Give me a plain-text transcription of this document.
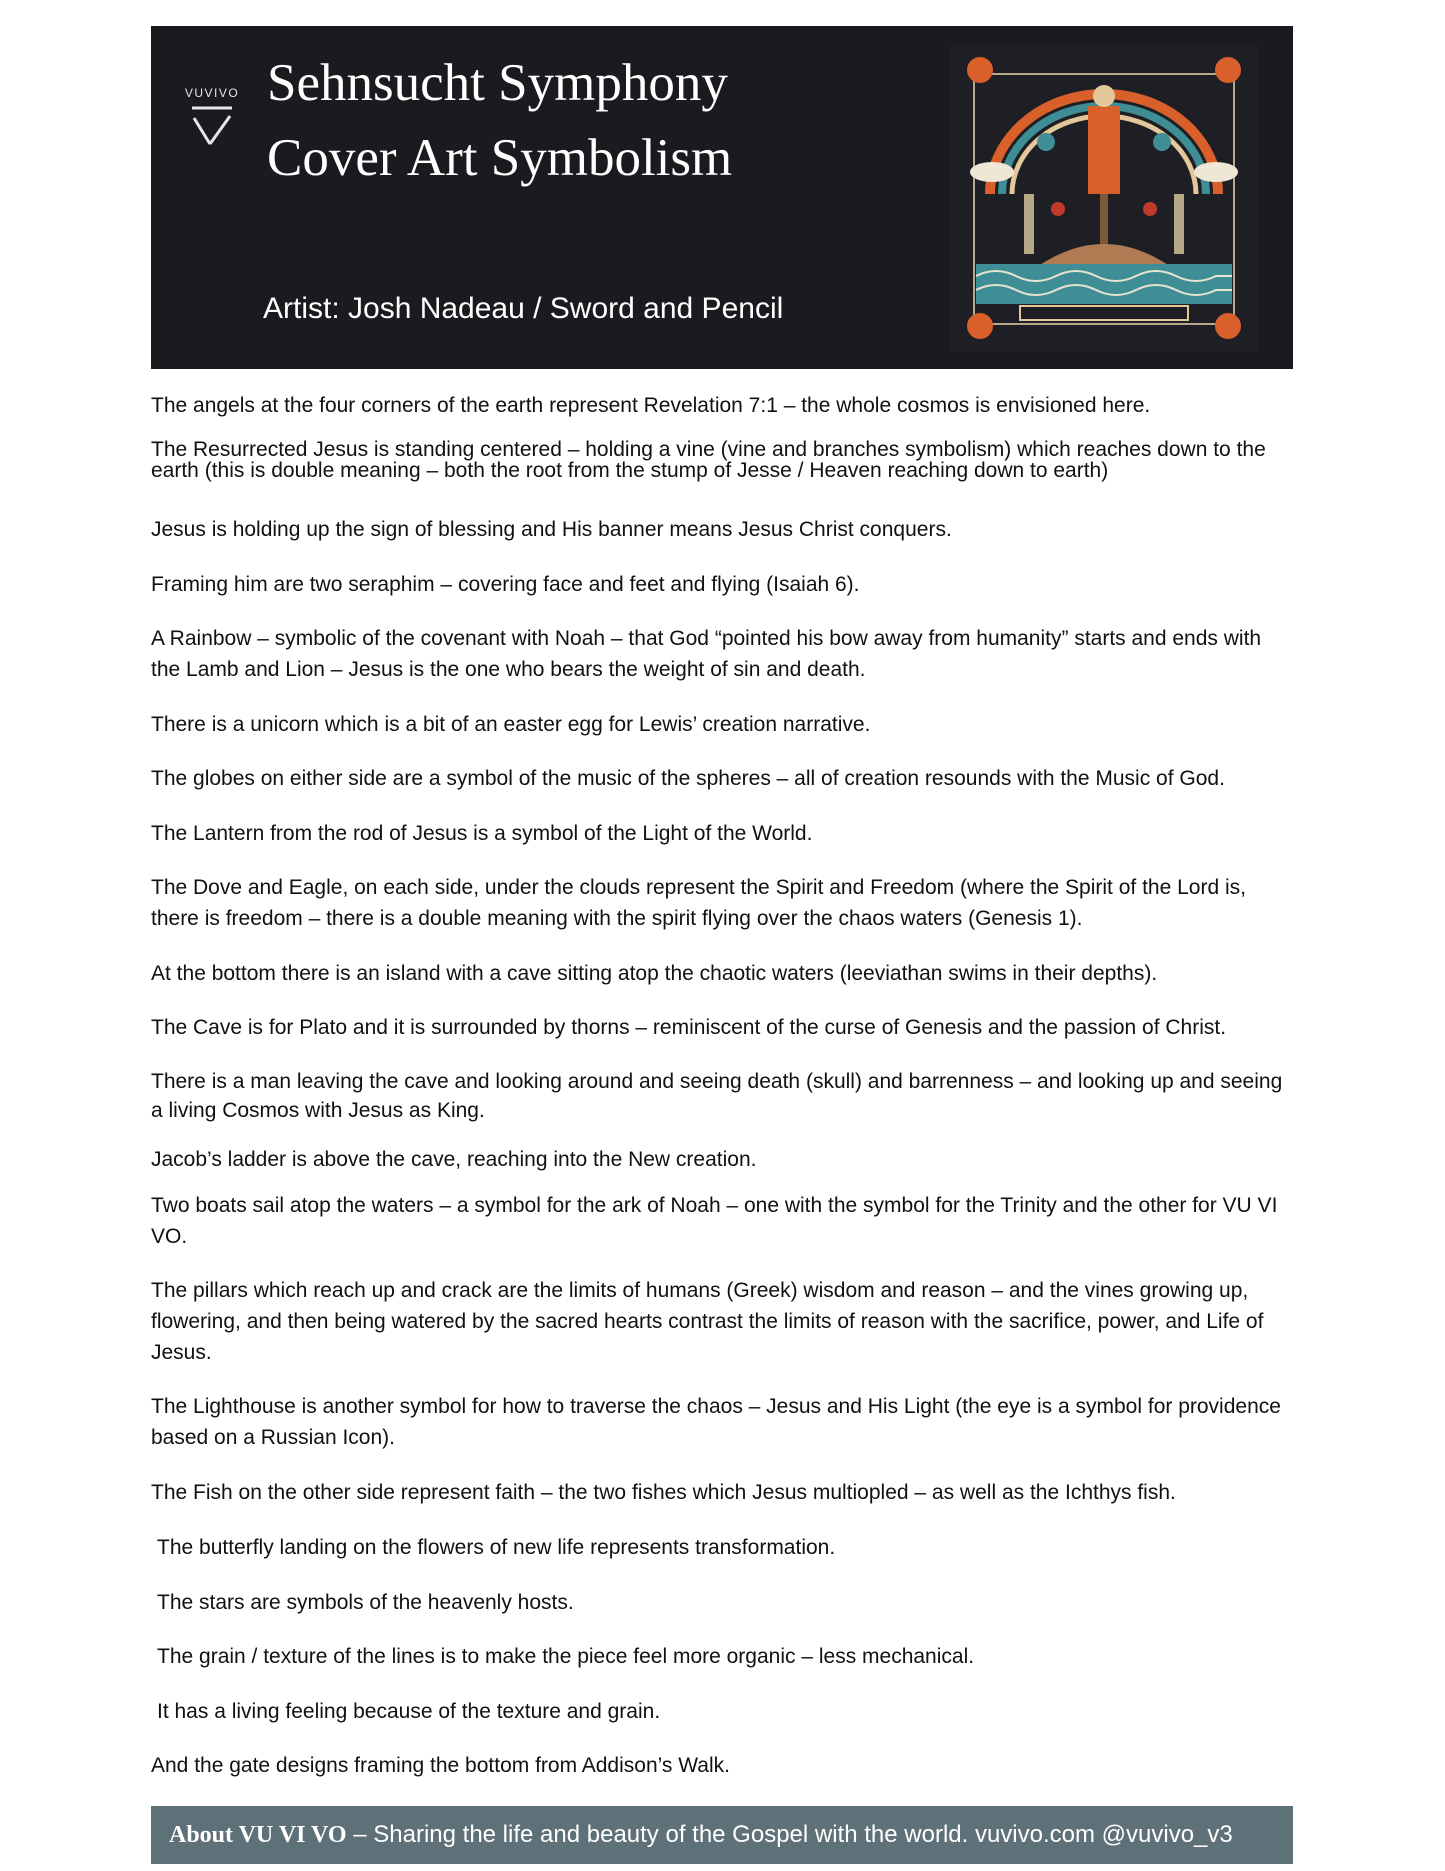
VUVIVO Sehnsucht Symphony
Cover Art Symbolism
Artist: Josh Nadeau / Sword and Pencil

The angels at the four corners of the earth represent Revelation 7:1 – the whole cosmos is envisioned here.

The Resurrected Jesus is standing centered – holding a vine (vine and branches symbolism) which reaches down to the earth (this is double meaning – both the root from the stump of Jesse / Heaven reaching down to earth)

Jesus is holding up the sign of blessing and His banner means Jesus Christ conquers.

Framing him are two seraphim – covering face and feet and flying (Isaiah 6).

A Rainbow – symbolic of the covenant with Noah – that God “pointed his bow away from humanity” starts and ends with the Lamb and Lion – Jesus is the one who bears the weight of sin and death.

There is a unicorn which is a bit of an easter egg for Lewis’ creation narrative.

The globes on either side are a symbol of the music of the spheres – all of creation resounds with the Music of God.

The Lantern from the rod of Jesus is a symbol of the Light of the World.

The Dove and Eagle, on each side, under the clouds represent the Spirit and Freedom (where the Spirit of the Lord is, there is freedom – there is a double meaning with the spirit flying over the chaos waters (Genesis 1).

At the bottom there is an island with a cave sitting atop the chaotic waters (leeviathan swims in their depths).

The Cave is for Plato and it is surrounded by thorns – reminiscent of the curse of Genesis and the passion of Christ.

There is a man leaving the cave and looking around and seeing death (skull) and barrenness – and looking up and seeing a living Cosmos with Jesus as King.

Jacob’s ladder is above the cave, reaching into the New creation.

Two boats sail atop the waters – a symbol for the ark of Noah – one with the symbol for the Trinity and the other for VU VI VO.

The pillars which reach up and crack are the limits of humans (Greek) wisdom and reason – and the vines growing up, flowering, and then being watered by the sacred hearts contrast the limits of reason with the sacrifice, power, and Life of Jesus.

The Lighthouse is another symbol for how to traverse the chaos – Jesus and His Light (the eye is a symbol for providence based on a Russian Icon).

The Fish on the other side represent faith – the two fishes which Jesus multiopled – as well as the Ichthys fish.

The butterfly landing on the flowers of new life represents transformation.

The stars are symbols of the heavenly hosts.

The grain / texture of the lines is to make the piece feel more organic – less mechanical.

It has a living feeling because of the texture and grain.

And the gate designs framing the bottom from Addison’s Walk.

About VU VI VO – Sharing the life and beauty of the Gospel with the world. vuvivo.com @vuvivo_v3
